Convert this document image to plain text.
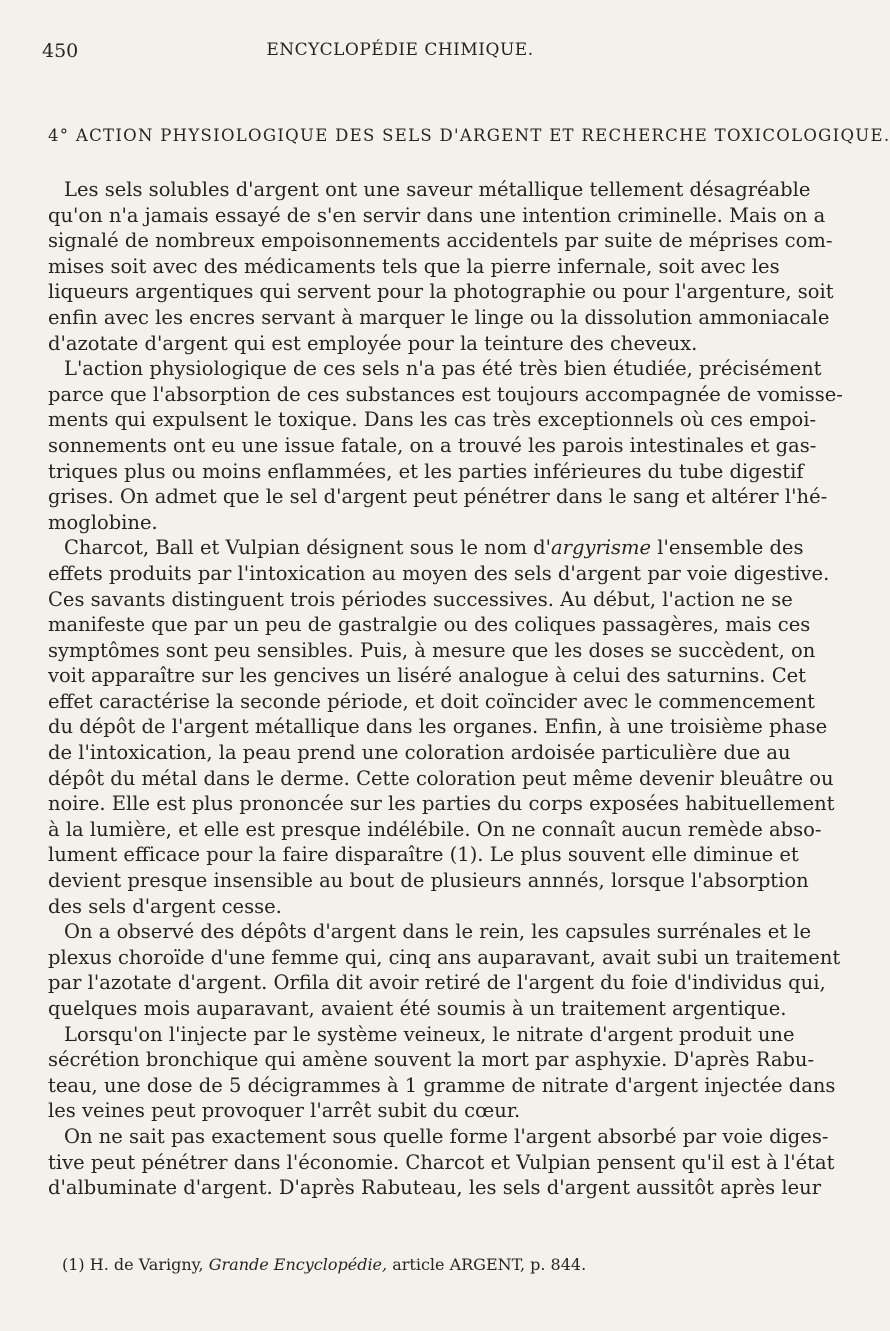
450	ENCYCLOPÉDIE CHIMIQUE.
4° ACTION PHYSIOLOGIQUE DES SELS D'ARGENT ET RECHERCHE TOXICOLOGIQUE.
Les sels solubles d'argent ont une saveur métallique tellement désagréable
qu'on n'a jamais essayé de s'en servir dans une intention criminelle. Mais on a
signalé de nombreux empoisonnements accidentels par suite de méprises com-
mises soit avec des médicaments tels que la pierre infernale, soit avec les
liqueurs argentiques qui servent pour la photographie ou pour l'argenture, soit
enfin avec les encres servant à marquer le linge ou la dissolution ammoniacale
d'azotate d'argent qui est employée pour la teinture des cheveux.
L'action physiologique de ces sels n'a pas été très bien étudiée, précisément
parce que l'absorption de ces substances est toujours accompagnée de vomisse-
ments qui expulsent le toxique. Dans les cas très exceptionnels où ces empoi-
sonnements ont eu une issue fatale, on a trouvé les parois intestinales et gas-
triques plus ou moins enflammées, et les parties inférieures du tube digestif
grises. On admet que le sel d'argent peut pénétrer dans le sang et altérer l'hé-
moglobine.
Charcot, Ball et Vulpian désignent sous le nom d'argyrisme l'ensemble des
effets produits par l'intoxication au moyen des sels d'argent par voie digestive.
Ces savants distinguent trois périodes successives. Au début, l'action ne se
manifeste que par un peu de gastralgie ou des coliques passagères, mais ces
symptômes sont peu sensibles. Puis, à mesure que les doses se succèdent, on
voit apparaître sur les gencives un liséré analogue à celui des saturnins. Cet
effet caractérise la seconde période, et doit coïncider avec le commencement
du dépôt de l'argent métallique dans les organes. Enfin, à une troisième phase
de l'intoxication, la peau prend une coloration ardoisée particulière due au
dépôt du métal dans le derme. Cette coloration peut même devenir bleuâtre ou
noire. Elle est plus prononcée sur les parties du corps exposées habituellement
à la lumière, et elle est presque indélébile. On ne connaît aucun remède abso-
lument efficace pour la faire disparaître (1). Le plus souvent elle diminue et
devient presque insensible au bout de plusieurs annnés, lorsque l'absorption
des sels d'argent cesse.
On a observé des dépôts d'argent dans le rein, les capsules surrénales et le
plexus choroïde d'une femme qui, cinq ans auparavant, avait subi un traitement
par l'azotate d'argent. Orfila dit avoir retiré de l'argent du foie d'individus qui,
quelques mois auparavant, avaient été soumis à un traitement argentique.
Lorsqu'on l'injecte par le système veineux, le nitrate d'argent produit une
sécrétion bronchique qui amène souvent la mort par asphyxie. D'après Rabu-
teau, une dose de 5 décigrammes à 1 gramme de nitrate d'argent injectée dans
les veines peut provoquer l'arrêt subit du cœur.
On ne sait pas exactement sous quelle forme l'argent absorbé par voie diges-
tive peut pénétrer dans l'économie. Charcot et Vulpian pensent qu'il est à l'état
d'albuminate d'argent. D'après Rabuteau, les sels d'argent aussitôt après leur
(1) H. de Varigny, Grande Encyclopédie, article ARGENT, p. 844.
